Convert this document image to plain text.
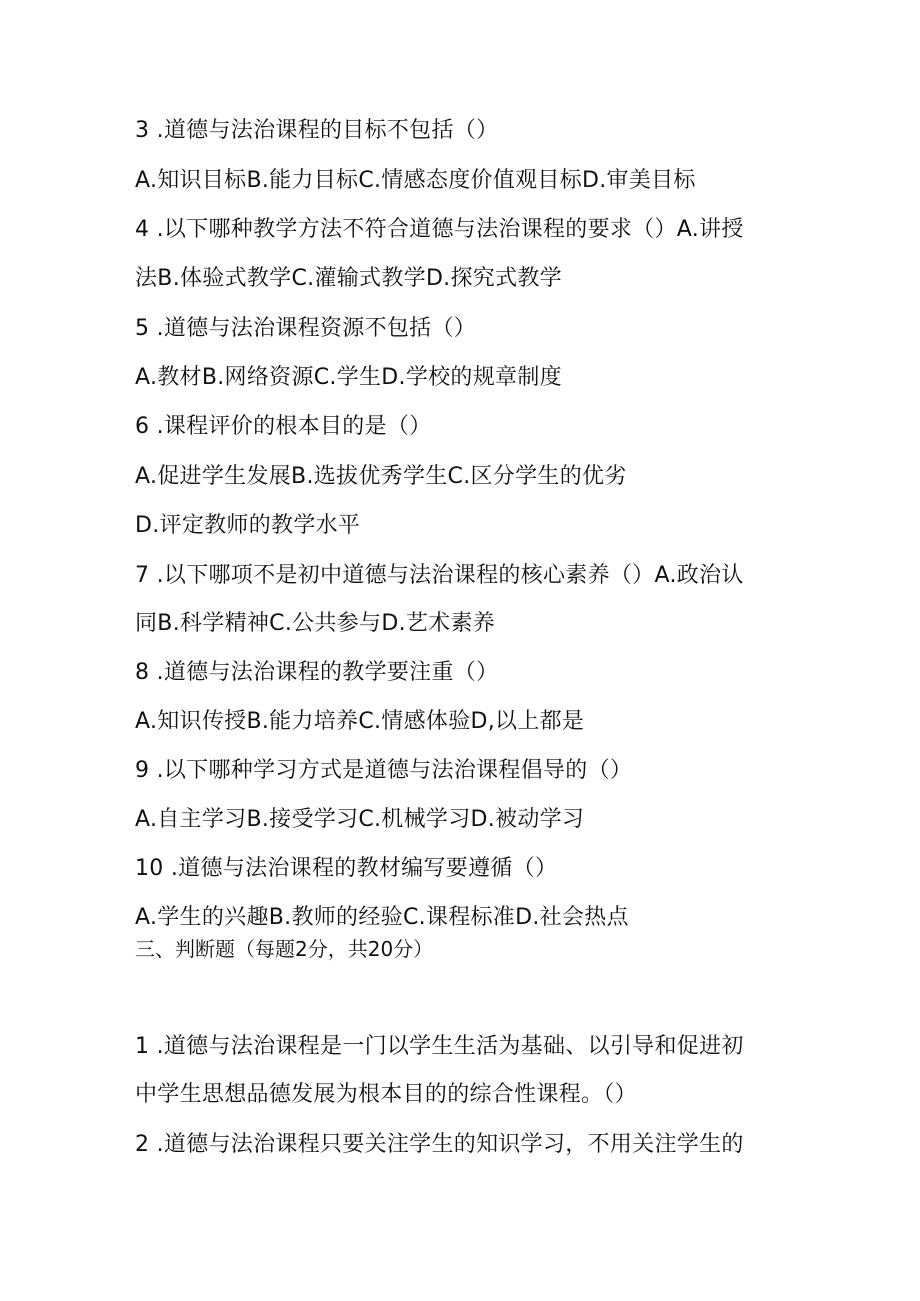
3 .道德与法治课程的目标不包括（）
A.知识目标B.能力目标C.情感态度价值观目标D.审美目标
4 .以下哪种教学方法不符合道德与法治课程的要求（）A.讲授
法B.体验式教学C.灌输式教学D.探究式教学
5 .道德与法治课程资源不包括（）
A.教材B.网络资源C.学生D.学校的规章制度
6 .课程评价的根本目的是（）
A.促进学生发展B.选拔优秀学生C.区分学生的优劣
D.评定教师的教学水平
7 .以下哪项不是初中道德与法治课程的核心素养（）A.政治认
同B.科学精神C.公共参与D.艺术素养
8 .道德与法治课程的教学要注重（）
A.知识传授B.能力培养C.情感体验D,以上都是
9 .以下哪种学习方式是道德与法治课程倡导的（）
A.自主学习B.接受学习C.机械学习D.被动学习
10 .道德与法治课程的教材编写要遵循（）
A.学生的兴趣B.教师的经验C.课程标准D.社会热点
三、判断题（每题2分，共20分）
1 .道德与法治课程是一门以学生生活为基础、以引导和促进初
中学生思想品德发展为根本目的的综合性课程。（）
2 .道德与法治课程只要关注学生的知识学习，不用关注学生的
